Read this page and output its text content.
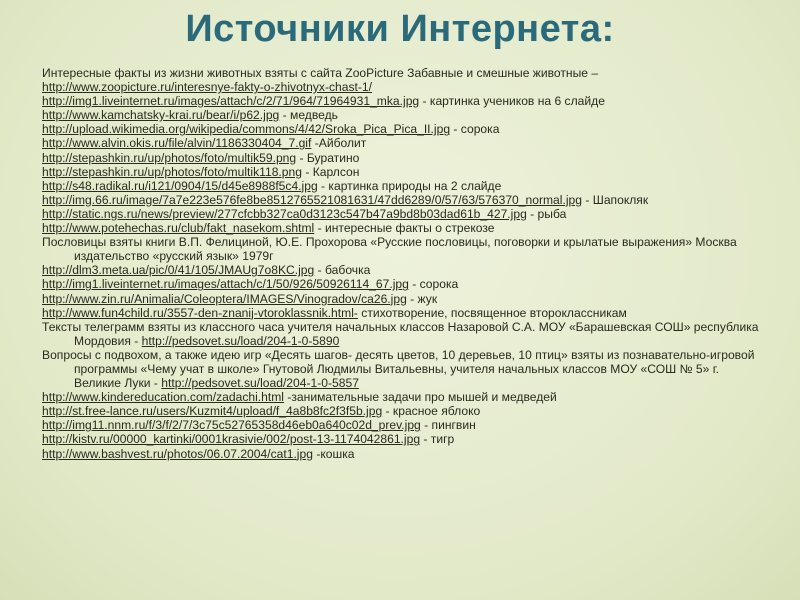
Источники Интернета:

Интересные факты из жизни животных взяты с сайта ZooPicture Забавные и смешные животные –

http://www.zoopicture.ru/interesnye-fakty-o-zhivotnyx-chast-1/

http://img1.liveinternet.ru/images/attach/c/2/71/964/71964931_mka.jpg - картинка учеников на 6 слайде

http://www.kamchatsky-krai.ru/bear/i/p62.jpg - медведь

http://upload.wikimedia.org/wikipedia/commons/4/42/Sroka_Pica_Pica_II.jpg - сорока

http://www.alvin.okis.ru/file/alvin/1186330404_7.gif -Айболит

http://stepashkin.ru/up/photos/foto/multik59.png - Буратино

http://stepashkin.ru/up/photos/foto/multik118.png - Карлсон

http://s48.radikal.ru/i121/0904/15/d45e8988f5c4.jpg - картинка природы на 2 слайде

http://img.66.ru/image/7a7e223e576fe8be8512765521081631/47dd6289/0/57/63/576370_normal.jpg - Шапокляк

http://static.ngs.ru/news/preview/277cfcbb327ca0d3123c547b47a9bd8b03dad61b_427.jpg - рыба

http://www.potehechas.ru/club/fakt_nasekom.shtml - интересные факты о стрекозе

Пословицы взяты книги В.П. Фелициной, Ю.Е. Прохорова «Русские пословицы, поговорки и крылатые выражения» Москва издательство «русский язык» 1979г

http://dlm3.meta.ua/pic/0/41/105/JMAUg7o8KC.jpg - бабочка

http://img1.liveinternet.ru/images/attach/c/1/50/926/50926114_67.jpg - сорока

http://www.zin.ru/Animalia/Coleoptera/IMAGES/Vinogradov/ca26.jpg - жук

http://www.fun4child.ru/3557-den-znanij-vtoroklassnik.html- стихотворение, посвященное второклассникам

Тексты телеграмм взяты из классного часа учителя начальных классов Назаровой С.А. МОУ «Барашевская СОШ» республика Мордовия - http://pedsovet.su/load/204-1-0-5890

Вопросы с подвохом, а также идею игр «Десять шагов- десять цветов, 10 деревьев, 10 птиц» взяты из познавательно-игровой программы «Чему учат в школе» Гнутовой Людмилы Витальевны, учителя начальных классов МОУ «СОШ № 5» г. Великие Луки - http://pedsovet.su/load/204-1-0-5857

http://www.kindereducation.com/zadachi.html -занимательные задачи про мышей и медведей

http://st.free-lance.ru/users/Kuzmit4/upload/f_4a8b8fc2f3f5b.jpg - красное яблоко

http://img11.nnm.ru/f/3/f/2/7/3c75c52765358d46eb0a640c02d_prev.jpg - пингвин

http://kistv.ru/00000_kartinki/0001krasivie/002/post-13-1174042861.jpg - тигр

http://www.bashvest.ru/photos/06.07.2004/cat1.jpg -кошка
